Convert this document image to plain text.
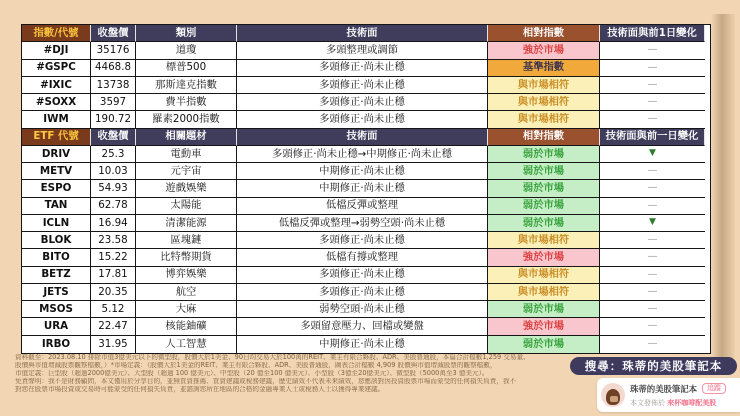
指數/代號	收盤價	類別	技術面	相對指數	技術面與前1日變化
#DJI	35176	道瓊	多頭整理或調節	強於市場	—
#GSPC	4468.8	標普500	多頭修正·尚未止穩	基準指數	—
#IXIC	13738	那斯達克指數	多頭修正·尚未止穩	與市場相符	—
#SOXX	3597	費半指數	多頭修正·尚未止穩	與市場相符	—
IWM	190.72	羅素2000指數	多頭修正·尚未止穩	與市場相符	—
ETF 代號	收盤價	相關題材	技術面	相對指數	技術面與前一日變化
DRIV	25.3	電動車	多頭修正·尚未止穩→中期修正·尚未止穩	弱於市場	▼
METV	10.03	元宇宙	中期修正·尚未止穩	弱於市場	—
ESPO	54.93	遊戲娛樂	中期修正·尚未止穩	弱於市場	—
TAN	62.78	太陽能	低檔反彈或整理	弱於市場	—
ICLN	16.94	清潔能源	低檔反彈或整理→弱勢空頭·尚未止穩	弱於市場	▼
BLOK	23.58	區塊鏈	多頭修正·尚未止穩	與市場相符	—
BITO	15.22	比特幣期貨	低檔有撐或整理	強於市場	—
BETZ	17.81	博弈娛樂	多頭修正·尚未止穩	與市場相符	—
JETS	20.35	航空	多頭修正·尚未止穩	與市場相符	—
MSOS	5.12	大麻	弱勢空頭·尚未止穩	弱於市場	—
URA	22.47	核能鈾礦	多頭留意壓力、回檔或變盤	強於市場	—
IRBO	31.95	人工智慧	中期修正·尚未止穩	弱於市場	—
資料截至：2023.08.10 排除市值3億美元以下的微型股，股價大於1美金、90日均交易大於100萬的REIT、業主有限合夥股、ADR、美股普通股，本篇合計檔數1,259 交易量、
股價與市值增減股票觀察檔數，）*市場定義：（股價大於1美金的REIT、業主有限合夥股、ADR、美股普通股，圖表合計檔數 4,909 股價與市值增減股票的觀察檔數，
市值定義：巨型股（超過2000億美元）、大型股（超過 100 億美元）、中型股（20 億至100 億美元）、小型股（3億至20億美元）、微型股（5000萬至3 億美元）。
免責聲明：我不是財務顧問，本文僅用於分享目的，並無買賣推薦、買賣建議或稅務建議，歷史績效不代表未來績效，您應該對因投資股票市場而蒙受的任何損失負責，我不
對您在股票市場投資或交易時可能蒙受的任何損失負責，並諮詢您所在地區的合格的金融專業人士或稅務人士以獲得專業建議。
搜尋：珠蒂的美股筆記本
珠蒂的美股筆記本	追蹤
本文發佈於 來杯咖啡配美股
